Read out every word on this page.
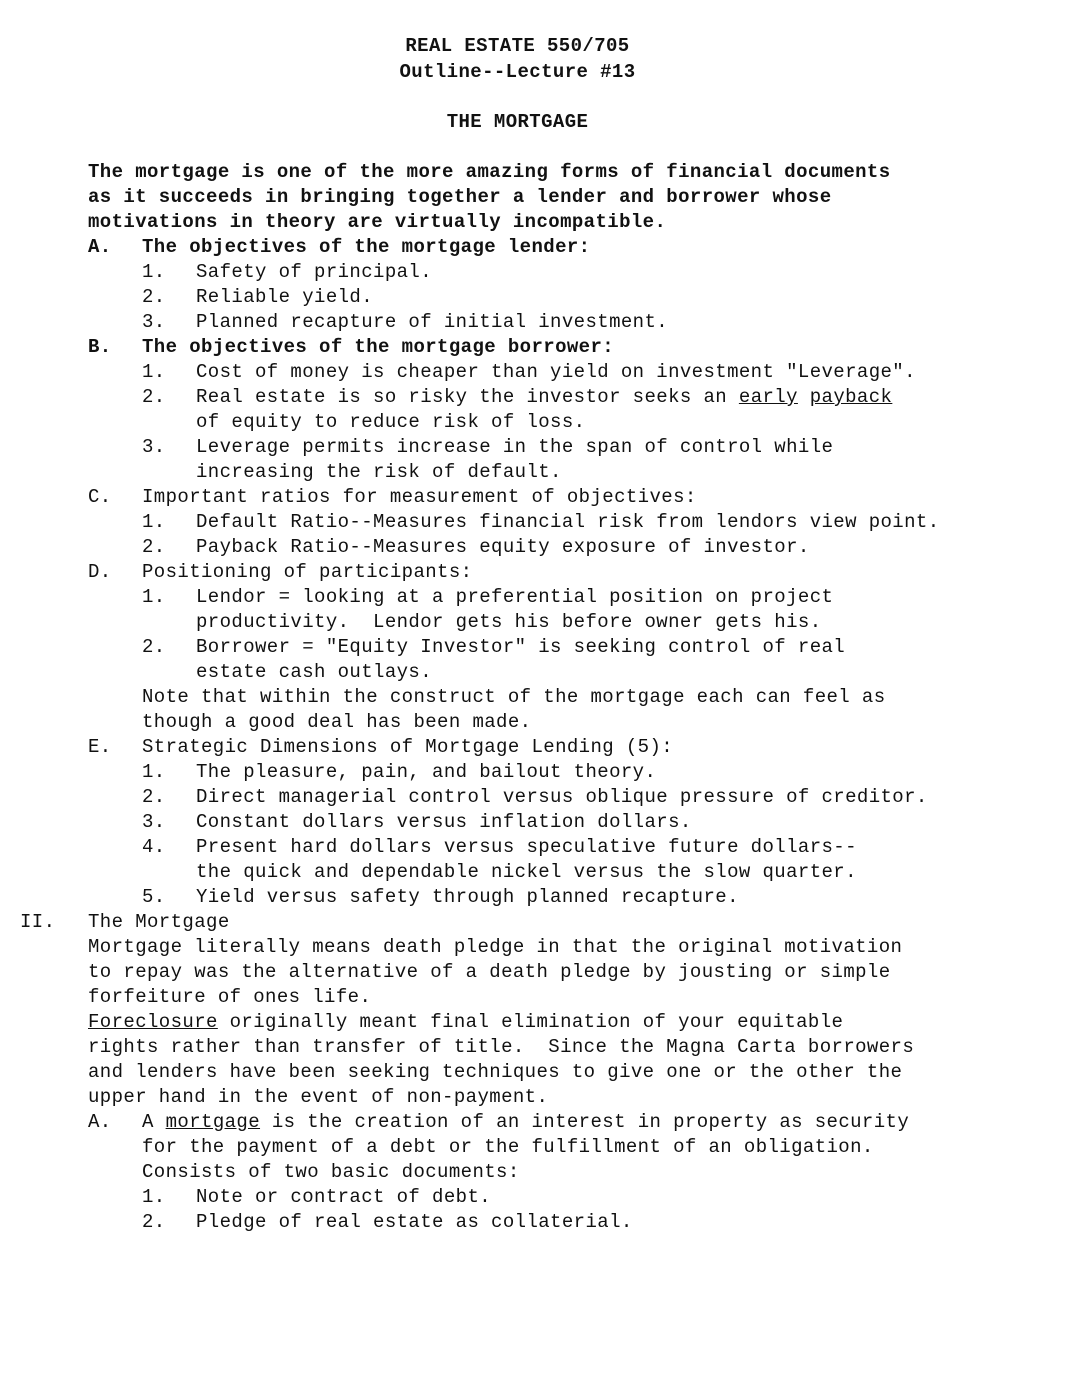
REAL ESTATE 550/705
Outline--Lecture #13
THE MORTGAGE
The mortgage is one of the more amazing forms of financial documents
as it succeeds in bringing together a lender and borrower whose
motivations in theory are virtually incompatible.
A. The objectives of the mortgage lender:
1. Safety of principal.
2. Reliable yield.
3. Planned recapture of initial investment.
B. The objectives of the mortgage borrower:
1. Cost of money is cheaper than yield on investment "Leverage".
2. Real estate is so risky the investor seeks an early payback
of equity to reduce risk of loss.
3. Leverage permits increase in the span of control while
increasing the risk of default.
C. Important ratios for measurement of objectives:
1. Default Ratio--Measures financial risk from lendors view point.
2. Payback Ratio--Measures equity exposure of investor.
D. Positioning of participants:
1. Lendor = looking at a preferential position on project
productivity.  Lendor gets his before owner gets his.
2. Borrower = "Equity Investor" is seeking control of real
estate cash outlays.
Note that within the construct of the mortgage each can feel as
though a good deal has been made.
E. Strategic Dimensions of Mortgage Lending (5):
1. The pleasure, pain, and bailout theory.
2. Direct managerial control versus oblique pressure of creditor.
3. Constant dollars versus inflation dollars.
4. Present hard dollars versus speculative future dollars--
the quick and dependable nickel versus the slow quarter.
5. Yield versus safety through planned recapture.
II. The Mortgage
Mortgage literally means death pledge in that the original motivation
to repay was the alternative of a death pledge by jousting or simple
forfeiture of ones life.
Foreclosure originally meant final elimination of your equitable
rights rather than transfer of title.  Since the Magna Carta borrowers
and lenders have been seeking techniques to give one or the other the
upper hand in the event of non-payment.
A. A mortgage is the creation of an interest in property as security
for the payment of a debt or the fulfillment of an obligation.
Consists of two basic documents:
1. Note or contract of debt.
2. Pledge of real estate as collaterial.
